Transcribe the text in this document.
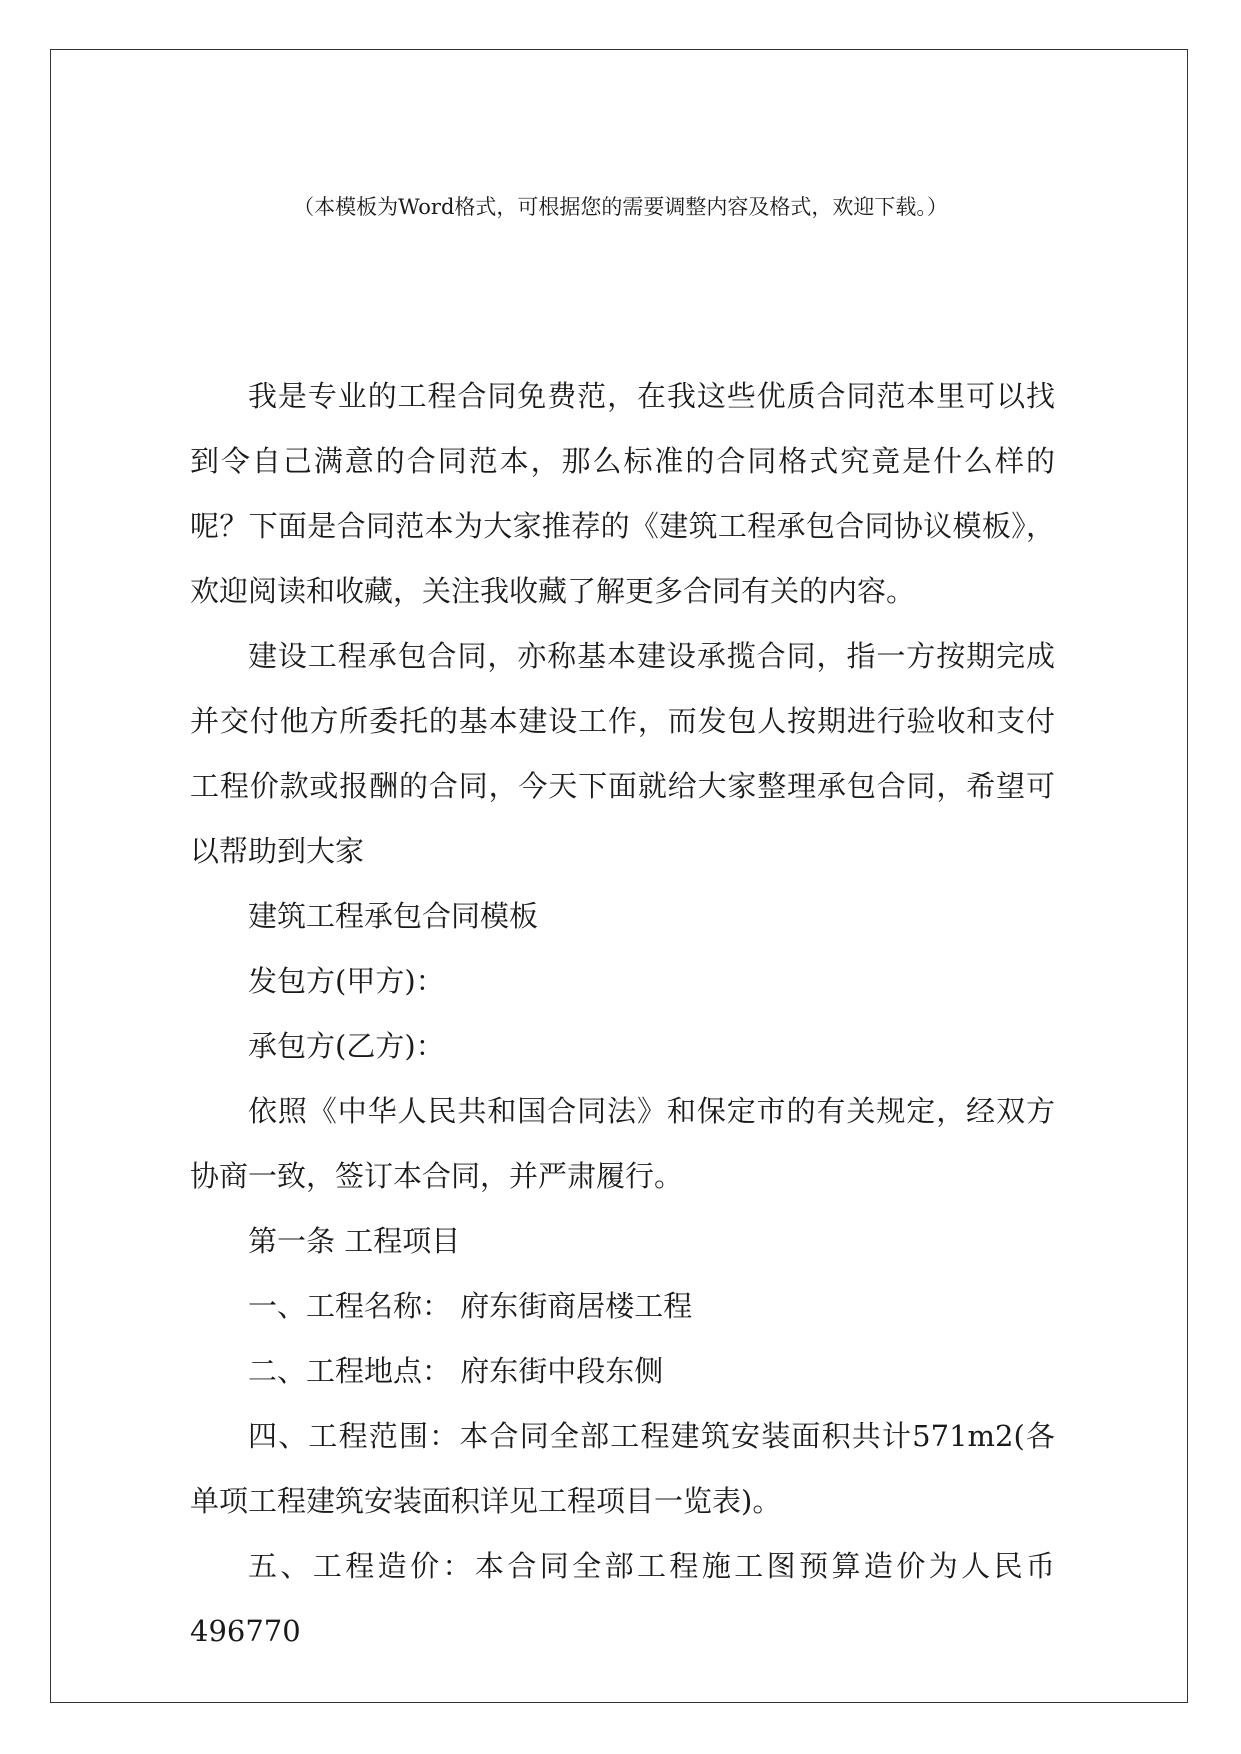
（本模板为Word格式，可根据您的需要调整内容及格式，欢迎下载。）

我是专业的工程合同免费范，在我这些优质合同范本里可以找到令自己满意的合同范本，那么标准的合同格式究竟是什么样的呢？下面是合同范本为大家推荐的《建筑工程承包合同协议模板》，欢迎阅读和收藏，关注我收藏了解更多合同有关的内容。

建设工程承包合同，亦称基本建设承揽合同，指一方按期完成并交付他方所委托的基本建设工作，而发包人按期进行验收和支付工程价款或报酬的合同，今天下面就给大家整理承包合同，希望可以帮助到大家

建筑工程承包合同模板

发包方(甲方)：

承包方(乙方)：

依照《中华人民共和国合同法》和保定市的有关规定，经双方协商一致，签订本合同，并严肃履行。

第一条 工程项目

一、工程名称： 府东街商居楼工程

二、工程地点： 府东街中段东侧

四、工程范围：本合同全部工程建筑安装面积共计571m2(各单项工程建筑安装面积详见工程项目一览表)。

五、工程造价：本合同全部工程施工图预算造价为人民币496770
